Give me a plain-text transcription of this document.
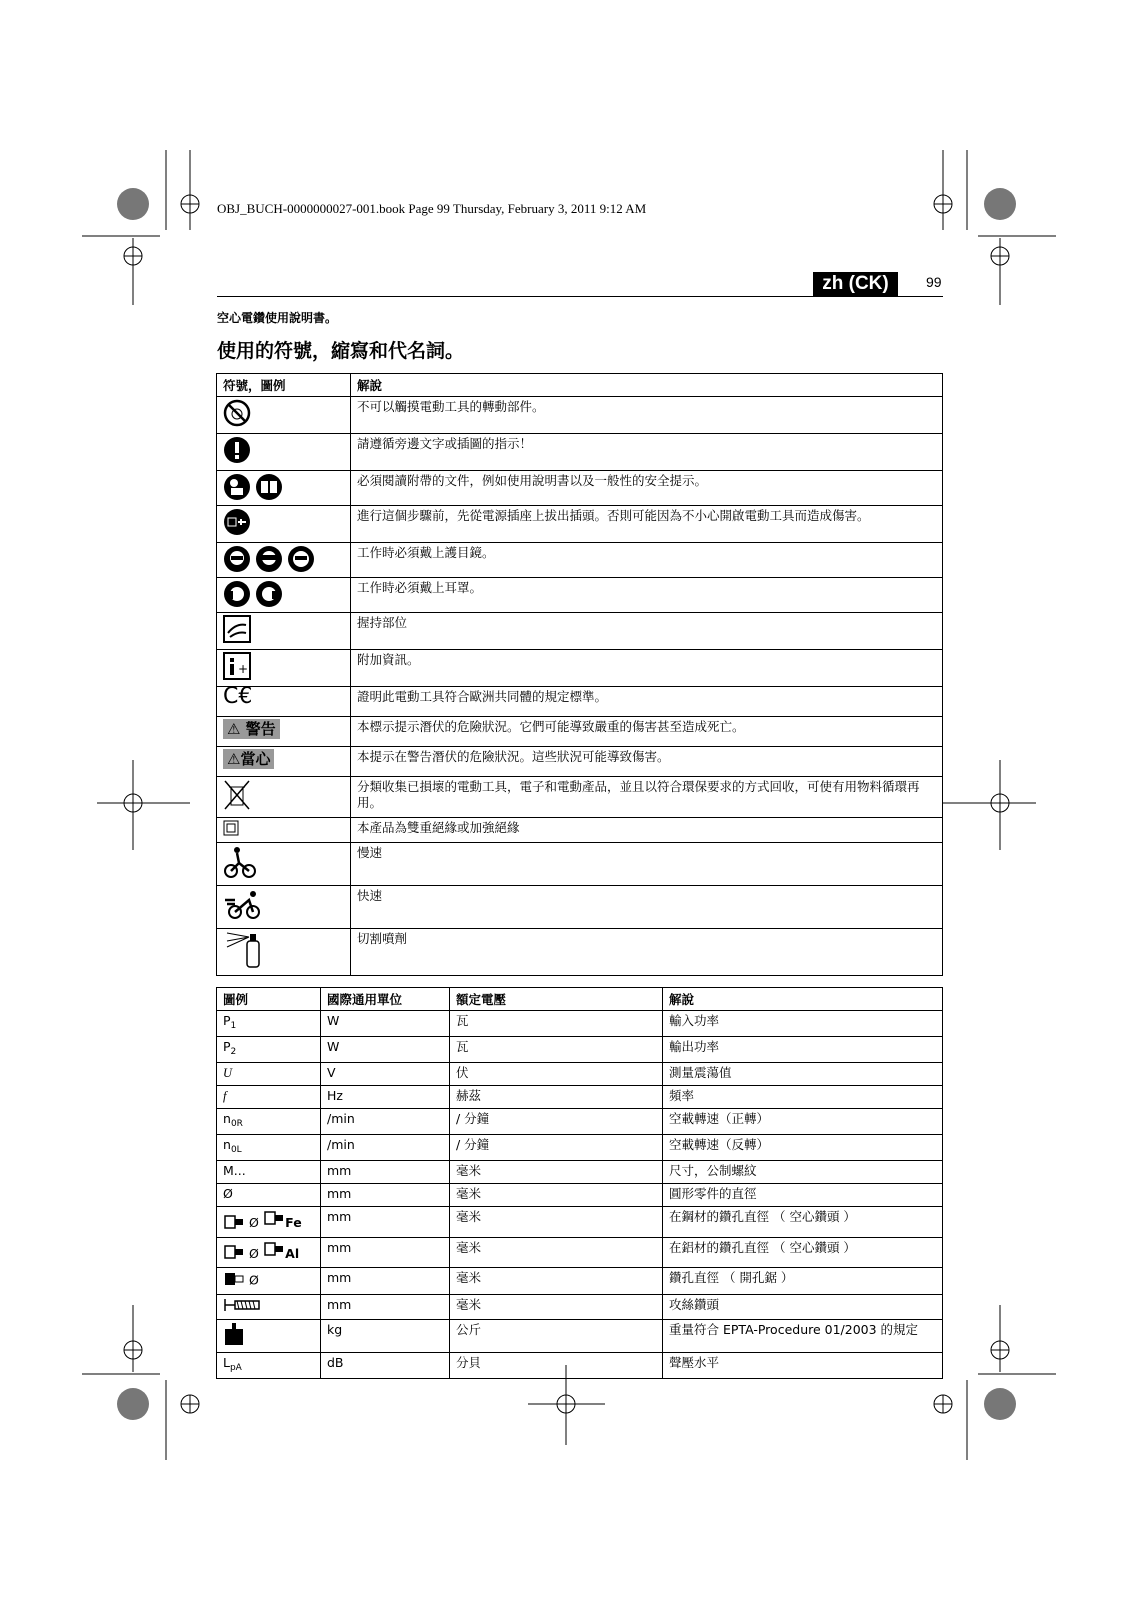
OBJ_BUCH-0000000027-001.book Page 99 Thursday, February 3, 2011 9:12 AM
zh (CK)	99
空心電鑽使用說明書。
使用的符號，縮寫和代名詞。
符號，圖例	解說
	不可以觸摸電動工具的轉動部件。
	請遵循旁邊文字或插圖的指示！

	必須閱讀附帶的文件，例如使用說明書以及一般性的安全提示。
	進行這個步驟前，先從電源插座上拔出插頭。否則可能因為不小心開啟電動工具而造成傷害。

	工作時必須戴上護目鏡。

	工作時必須戴上耳罩。
	握持部位

+	附加資訊。
C€	證明此電動工具符合歐洲共同體的規定標準。
⚠ 警告	本標示提示潛伏的危險狀況。它們可能導致嚴重的傷害甚至造成死亡。
⚠當心	本提示在警告潛伏的危險狀況。這些狀況可能導致傷害。
	分類收集已損壞的電動工具，電子和電動產品，並且以符合環保要求的方式回收，可使有用物料循環再用。
	本產品為雙重絕緣或加強絕緣
	慢速
	快速
	切割噴劑
圖例	國際通用單位	額定電壓	解說
$P_1$	W	瓦	輸入功率
$P_2$	W	瓦	輸出功率
U	V	伏	測量震蕩值
f	Hz	赫茲	頻率
$n_{0R}$	/min	/ 分鐘	空載轉速（正轉）
$n_{0L}$	/min	/ 分鐘	空載轉速（反轉）
M...	mm	毫米	尺寸，公制螺紋
Ø	mm	毫米	圓形零件的直徑
Ø Fe	mm	毫米	在鋼材的鑽孔直徑 （ 空心鑽頭 ）
Ø Al	mm	毫米	在鋁材的鑽孔直徑 （ 空心鑽頭 ）
Ø	mm	毫米	鑽孔直徑 （ 開孔鋸 ）
	mm	毫米	攻絲鑽頭
	kg	公斤	重量符合 EPTA-Procedure 01/2003 的規定
$L_{pA}$	dB	分貝	聲壓水平
